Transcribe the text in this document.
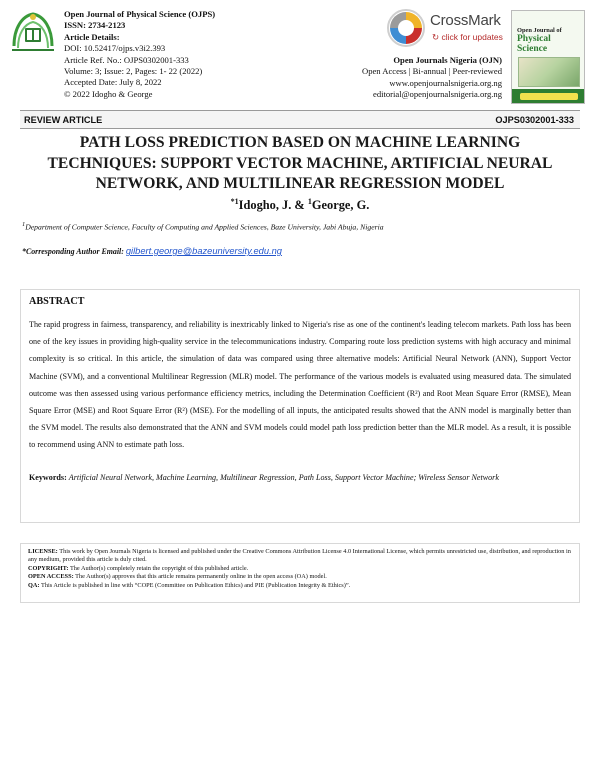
Open Journal of Physical Science (OJPS)
ISSN: 2734-2123
Article Details:
DOI: 10.52417/ojps.v3i2.393
Article Ref. No.: OJPS0302001-333
Volume: 3; Issue: 2, Pages: 1- 22 (2022)
Accepted Date: July 8, 2022
© 2022 Idogho & George
CrossMark
↻ click for updates
Open Journals Nigeria (OJN)
Open Access | Bi-annual | Peer-reviewed
www.openjournalsnigeria.org.ng
editorial@openjournalsnigeria.org.ng
Open Journal of
Physical
Science
REVIEW ARTICLE	OJPS0302001-333
PATH LOSS PREDICTION BASED ON MACHINE LEARNING TECHNIQUES: SUPPORT VECTOR MACHINE, ARTIFICIAL NEURAL NETWORK, AND MULTILINEAR REGRESSION MODEL
$^{*1}$Idogho, J. & $^1$George, G.
$^1$Department of Computer Science, Faculty of Computing and Applied Sciences, Baze University, Jabi Abuja, Nigeria
*Corresponding Author Email: gilbert.george@bazeuniversity.edu.ng
ABSTRACT

The rapid progress in fairness, transparency, and reliability is inextricably linked to Nigeria's rise as one of the continent's leading telecom markets. Path loss has been one of the key issues in providing high-quality service in the telecommunications industry. Comparing route loss prediction systems with high accuracy and minimal complexity is so critical. In this article, the simulation of data was compared using three alternative models: Artificial Neural Network (ANN), Support Vector Machine (SVM), and a conventional Multilinear Regression (MLR) model. The performance of the various models is evaluated using measured data. The simulated outcome was then assessed using various performance efficiency metrics, including the Determination Coefficient (R²) and Root Mean Square Error (RMSE), Mean Square Error (MSE) and Root Square Error (R²) (MSE). For the modelling of all inputs, the anticipated results showed that the ANN model is marginally better than the SVM model. The results also demonstrated that the ANN and SVM models could model path loss prediction better than the MLR model. As a result, it is possible to recommend using ANN to estimate path loss.

Keywords: Artificial Neural Network, Machine Learning, Multilinear Regression, Path Loss, Support Vector Machine; Wireless Sensor Network

LICENSE: This work by Open Journals Nigeria is licensed and published under the Creative Commons Attribution License 4.0 International License, which permits unrestricted use, distribution, and reproduction in any medium, provided this article is duly cited.
COPYRIGHT: The Author(s) completely retain the copyright of this published article.
OPEN ACCESS: The Author(s) approves that this article remains permanently online in the open access (OA) model.
QA: This Article is published in line with “COPE (Committee on Publication Ethics) and PIE (Publication Integrity & Ethics)”.
